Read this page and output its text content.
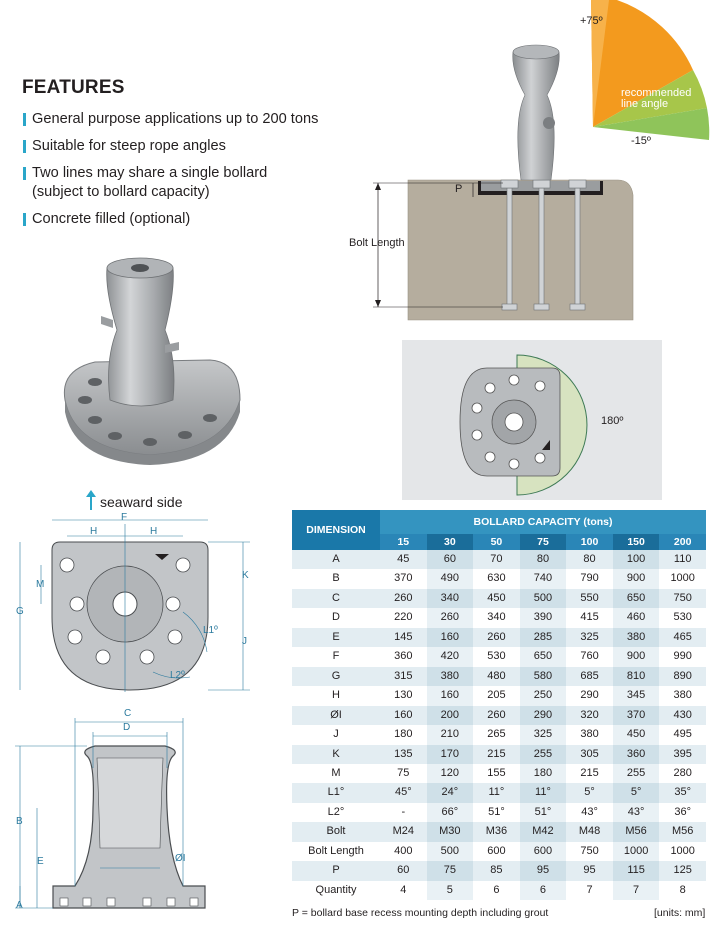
FEATURES
General purpose applications up to 200 tons
Suitable for steep rope angles
Two lines may share a single bollard
(subject to bollard capacity)
Concrete filled (optional)
+75º
recommended
line angle
-15º
Bolt Length
P
180º
seaward side
F
H	H
M
G
K
J
L1º
L2º
C
D
B
E	ØI
A
DIMENSION	BOLLARD CAPACITY (tons)						
	15	30	50	75	100	150	200
A	45	60	70	80	80	100	110
B	370	490	630	740	790	900	1000
C	260	340	450	500	550	650	750
D	220	260	340	390	415	460	530
E	145	160	260	285	325	380	465
F	360	420	530	650	760	900	990
G	315	380	480	580	685	810	890
H	130	160	205	250	290	345	380
ØI	160	200	260	290	320	370	430
J	180	210	265	325	380	450	495
K	135	170	215	255	305	360	395
M	75	120	155	180	215	255	280
L1°	45°	24°	11°	11°	5°	5°	35°
L2°	-	66°	51°	51°	43°	43°	36°
Bolt	M24	M30	M36	M42	M48	M56	M56
Bolt Length	400	500	600	600	750	1000	1000
P	60	75	85	95	95	115	125
Quantity	4	5	6	6	7	7	8
P = bollard base recess mounting depth including grout	[units: mm]
